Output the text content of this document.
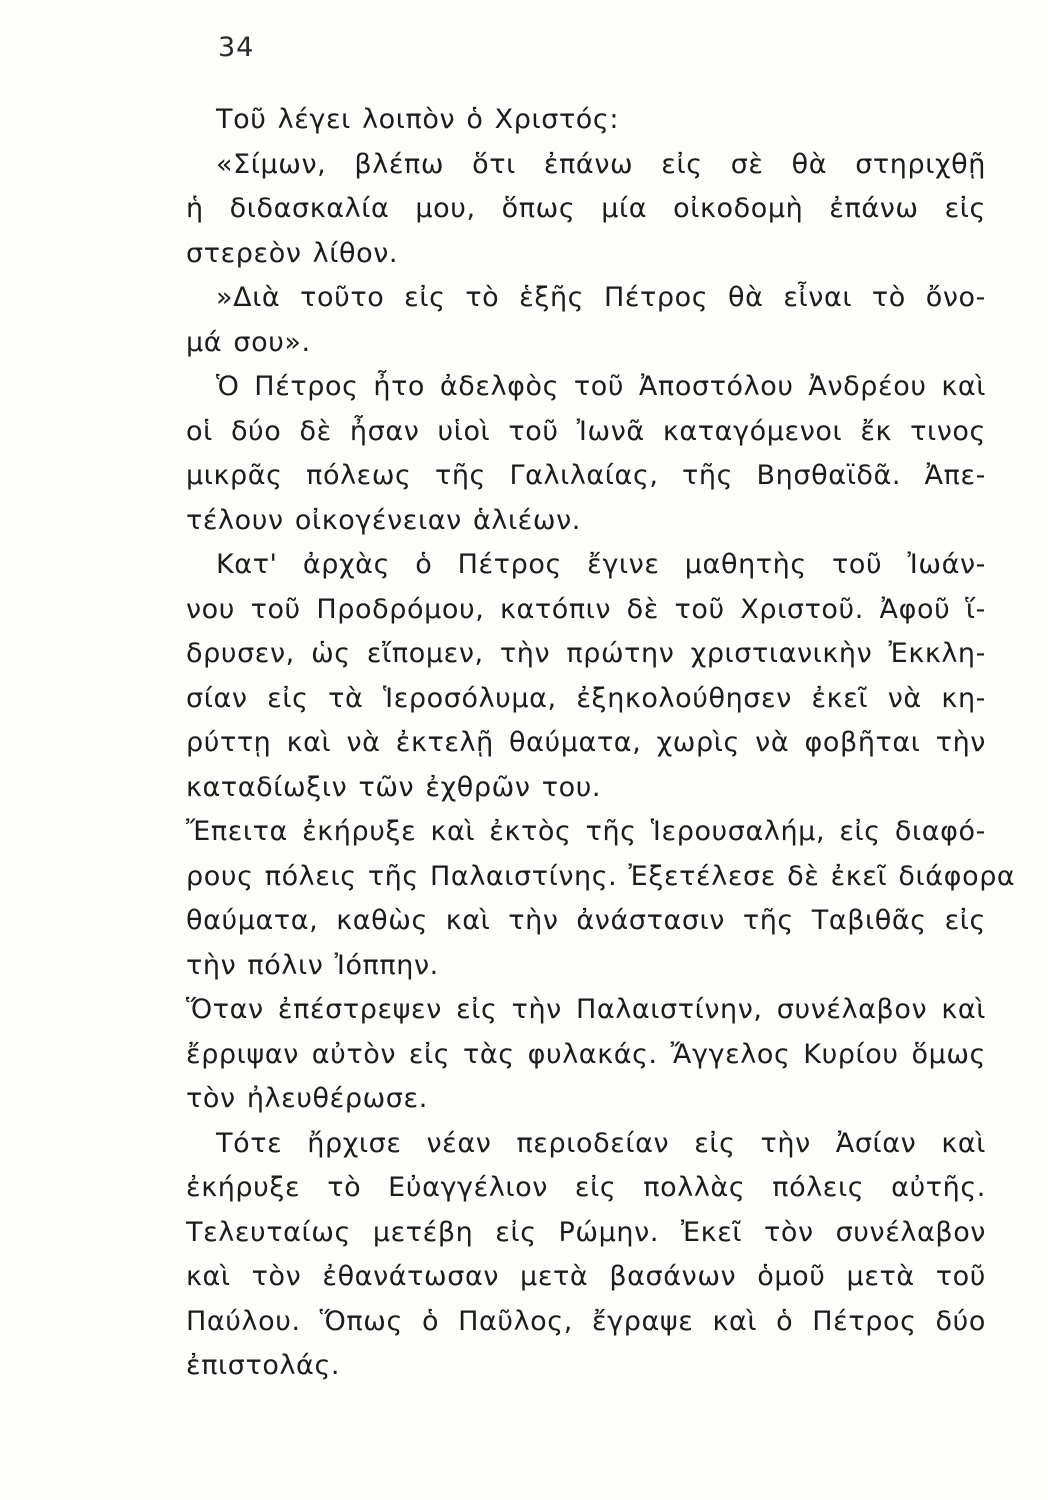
34
Τοῦ λέγει λοιπὸν ὁ Χριστός:
«Σίμων, βλέπω ὅτι ἐπάνω εἰς σὲ θὰ στηριχθῇ
ἡ διδασκαλία μου, ὅπως μία οἰκοδομὴ ἐπάνω εἰς
στερεὸν λίθον.
»Διὰ τοῦτο εἰς τὸ ἑξῆς Πέτρος θὰ εἶναι τὸ ὄνο-
μά σου».
Ὁ Πέτρος ἦτο ἀδελφὸς τοῦ Ἀποστόλου Ἀνδρέου καὶ
οἱ δύο δὲ ἦσαν υἱοὶ τοῦ Ἰωνᾶ καταγόμενοι ἔκ τινος
μικρᾶς πόλεως τῆς Γαλιλαίας, τῆς Βησθαϊδᾶ. Ἀπε-
τέλουν οἰκογένειαν ἁλιέων.
Κατ' ἀρχὰς ὁ Πέτρος ἔγινε μαθητὴς τοῦ Ἰωάν-
νου τοῦ Προδρόμου, κατόπιν δὲ τοῦ Χριστοῦ. Ἀφοῦ ἵ-
δρυσεν, ὡς εἴπομεν, τὴν πρώτην χριστιανικὴν Ἐκκλη-
σίαν εἰς τὰ Ἱεροσόλυμα, ἐξηκολούθησεν ἐκεῖ νὰ κη-
ρύττῃ καὶ νὰ ἐκτελῇ θαύματα, χωρὶς νὰ φοβῆται τὴν
καταδίωξιν τῶν ἐχθρῶν του.
Ἔπειτα ἐκήρυξε καὶ ἐκτὸς τῆς Ἱερουσαλήμ, εἰς διαφό-
ρους πόλεις τῆς Παλαιστίνης. Ἐξετέλεσε δὲ ἐκεῖ διάφορα
θαύματα, καθὼς καὶ τὴν ἀνάστασιν τῆς Ταβιθᾶς εἰς
τὴν πόλιν Ἰόππην.
Ὅταν ἐπέστρεψεν εἰς τὴν Παλαιστίνην, συνέλαβον καὶ
ἔρριψαν αὐτὸν εἰς τὰς φυλακάς. Ἄγγελος Κυρίου ὅμως
τὸν ἠλευθέρωσε.
Τότε ἤρχισε νέαν περιοδείαν εἰς τὴν Ἀσίαν καὶ
ἐκήρυξε τὸ Εὐαγγέλιον εἰς πολλὰς πόλεις αὐτῆς.
Τελευταίως μετέβη εἰς Ρώμην. Ἐκεῖ τὸν συνέλαβον
καὶ τὸν ἐθανάτωσαν μετὰ βασάνων ὁμοῦ μετὰ τοῦ
Παύλου. Ὅπως ὁ Παῦλος, ἔγραψε καὶ ὁ Πέτρος δύο
ἐπιστολάς.
